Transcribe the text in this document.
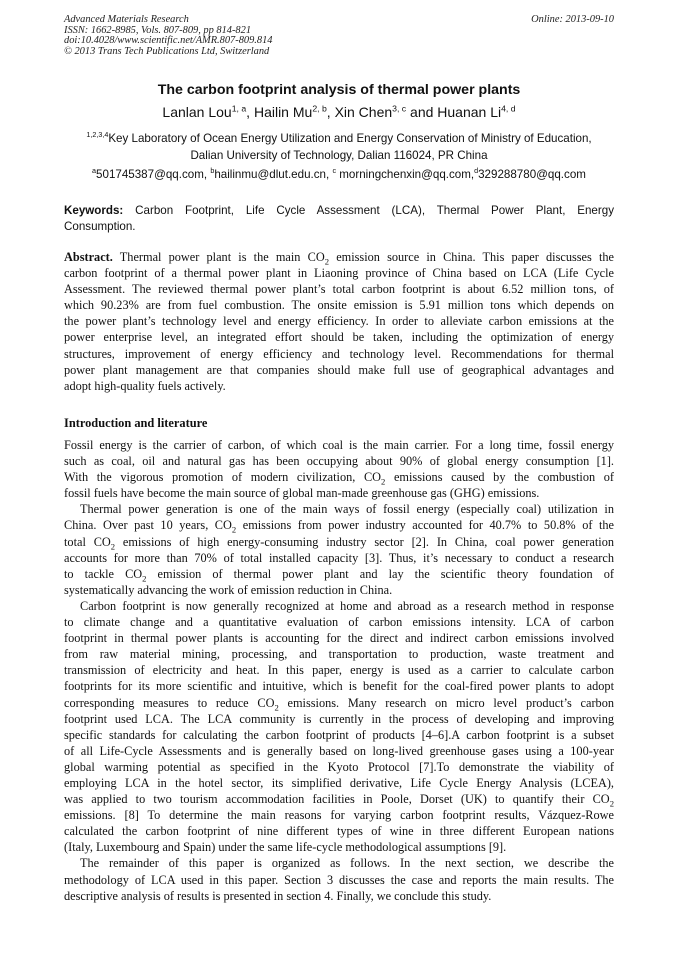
Advanced Materials Research
ISSN: 1662-8985, Vols. 807-809, pp 814-821
doi:10.4028/www.scientific.net/AMR.807-809.814
© 2013 Trans Tech Publications Ltd, Switzerland
Online: 2013-09-10
The carbon footprint analysis of thermal power plants
Lanlan Lou$^{1, a}$, Hailin Mu$^{2, b}$, Xin Chen$^{3, c}$ and Huanan Li$^{4, d}$
$^{1,2,3,4}$Key Laboratory of Ocean Energy Utilization and Energy Conservation of Ministry of Education,
Dalian University of Technology, Dalian 116024, PR China
$^a$501745387@qq.com, $^b$hailinmu@dlut.edu.cn, $^c$ morningchenxin@qq.com,$^d$329288780@qq.com
Keywords: Carbon Footprint, Life Cycle Assessment (LCA), Thermal Power Plant, Energy
Consumption.
Abstract. Thermal power plant is the main $CO_2$ emission source in China. This paper discusses the
carbon footprint of a thermal power plant in Liaoning province of China based on LCA (Life Cycle
Assessment. The reviewed thermal power plant’s total carbon footprint is about 6.52 million tons, of
which 90.23% are from fuel combustion. The onsite emission is 5.91 million tons which depends on
the power plant’s technology level and energy efficiency. In order to alleviate carbon emissions at the
power enterprise level, an integrated effort should be taken, including the optimization of energy
structures, improvement of energy efficiency and technology level. Recommendations for thermal
power plant management are that companies should make full use of geographical advantages and
adopt high-quality fuels actively.
Introduction and literature
Fossil energy is the carrier of carbon, of which coal is the main carrier. For a long time, fossil energy
such as coal, oil and natural gas has been occupying about 90% of global energy consumption [1].
With the vigorous promotion of modern civilization, $CO_2$ emissions caused by the combustion of
fossil fuels have become the main source of global man-made greenhouse gas (GHG) emissions.
Thermal power generation is one of the main ways of fossil energy (especially coal) utilization in
China. Over past 10 years, $CO_2$ emissions from power industry accounted for 40.7% to 50.8% of the
total $CO_2$ emissions of high energy-consuming industry sector [2]. In China, coal power generation
accounts for more than 70% of total installed capacity [3]. Thus, it’s necessary to conduct a research
to tackle $CO_2$ emission of thermal power plant and lay the scientific theory foundation of
systematically advancing the work of emission reduction in China.
Carbon footprint is now generally recognized at home and abroad as a research method in response
to climate change and a quantitative evaluation of carbon emissions intensity. LCA of carbon
footprint in thermal power plants is accounting for the direct and indirect carbon emissions involved
from raw material mining, processing, and transportation to production, waste treatment and
transmission of electricity and heat. In this paper, energy is used as a carrier to calculate carbon
footprints for its more scientific and intuitive, which is benefit for the coal-fired power plants to adopt
corresponding measures to reduce $CO_2$ emissions. Many research on micro level product’s carbon
footprint used LCA. The LCA community is currently in the process of developing and improving
specific standards for calculating the carbon footprint of products [4–6].A carbon footprint is a subset
of all Life-Cycle Assessments and is generally based on long-lived greenhouse gases using a 100-year
global warming potential as specified in the Kyoto Protocol [7].To demonstrate the viability of
employing LCA in the hotel sector, its simplified derivative, Life Cycle Energy Analysis (LCEA),
was applied to two tourism accommodation facilities in Poole, Dorset (UK) to quantify their $CO_2$
emissions. [8] To determine the main reasons for varying carbon footprint results, Vázquez-Rowe
calculated the carbon footprint of nine different types of wine in three different European nations
(Italy, Luxembourg and Spain) under the same life-cycle methodological assumptions [9].
The remainder of this paper is organized as follows. In the next section, we describe the
methodology of LCA used in this paper. Section 3 discusses the case and reports the main results. The
descriptive analysis of results is presented in section 4. Finally, we conclude this study.
